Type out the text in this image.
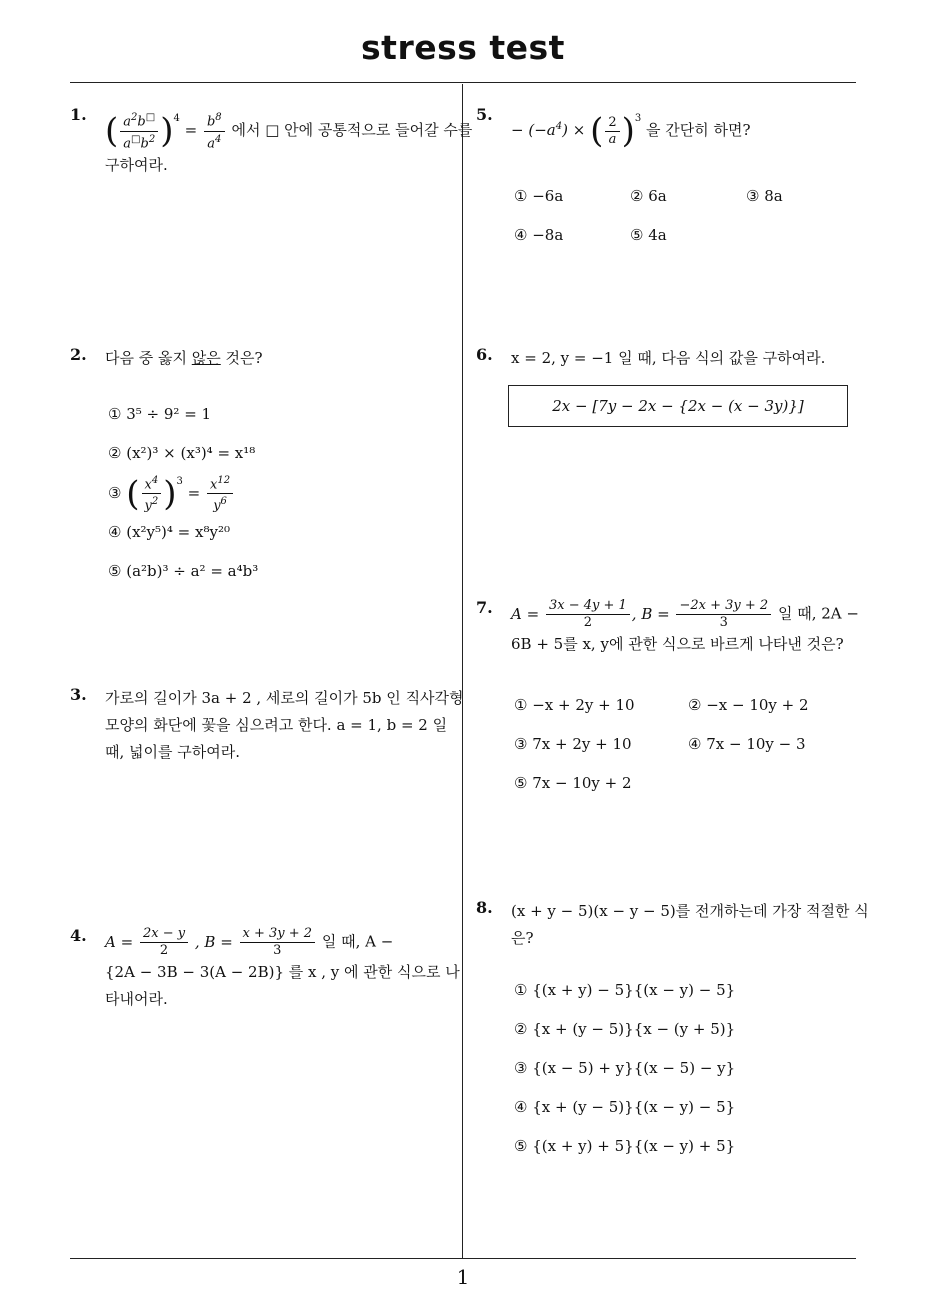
stress test
1
1. ( $\frac{a^2b^□}{a^□b^2} )^4 = \frac{b^8}{a^4}$ 에서 □ 안에 공통적으로 들어갈 수를
구하여라.
2. 다음 중 옳지 않은 것은?
① 3⁵ ÷ 9² = 1
② (x²)³ × (x³)⁴ = x¹⁸
③ ( $\frac{x^4}{y^2} )^3 = \frac{x^{12}}{y^6}$
④ (x²y⁵)⁴ = x⁸y²⁰
⑤ (a²b)³ ÷ a² = a⁴b³
3. 가로의 길이가 3a + 2 , 세로의 길이가 5b 인 직사각형
모양의 화단에 꽃을 심으려고 한다. a = 1, b = 2 일
때, 넓이를 구하여라.
4. $A = \frac{2x - y}{2}$ , $B = \frac{x + 3y + 2}{3}$ 일 때, A −
{2A − 3B − 3(A − 2B)} 를 x , y 에 관한 식으로 나
타내어라.
5.
− $(-a^4)$ × ( $\frac{2}{a} )^3$ 을 간단히 하면?
① −6a	② 6a	③ 8a
④ −8a	⑤ 4a
6. x = 2, y = −1 일 때, 다음 식의 값을 구하여라.
2x − [7y − 2x − {2x − (x − 3y)}]
7. $A = \frac{3x - 4y + 1}{2}$ , $B = \frac{-2x + 3y + 2}{3}$ 일 때, 2A −
6B + 5를 x, y에 관한 식으로 바르게 나타낸 것은?
① −x + 2y + 10	② −x − 10y + 2
③ 7x + 2y + 10	④ 7x − 10y − 3
⑤ 7x − 10y + 2
8. (x + y − 5)(x − y − 5)를 전개하는데 가장 적절한 식
은?
① {(x + y) − 5}{(x − y) − 5}
② {x + (y − 5)}{x − (y + 5)}
③ {(x − 5) + y}{(x − 5) − y}
④ {x + (y − 5)}{(x − y) − 5}
⑤ {(x + y) + 5}{(x − y) + 5}
